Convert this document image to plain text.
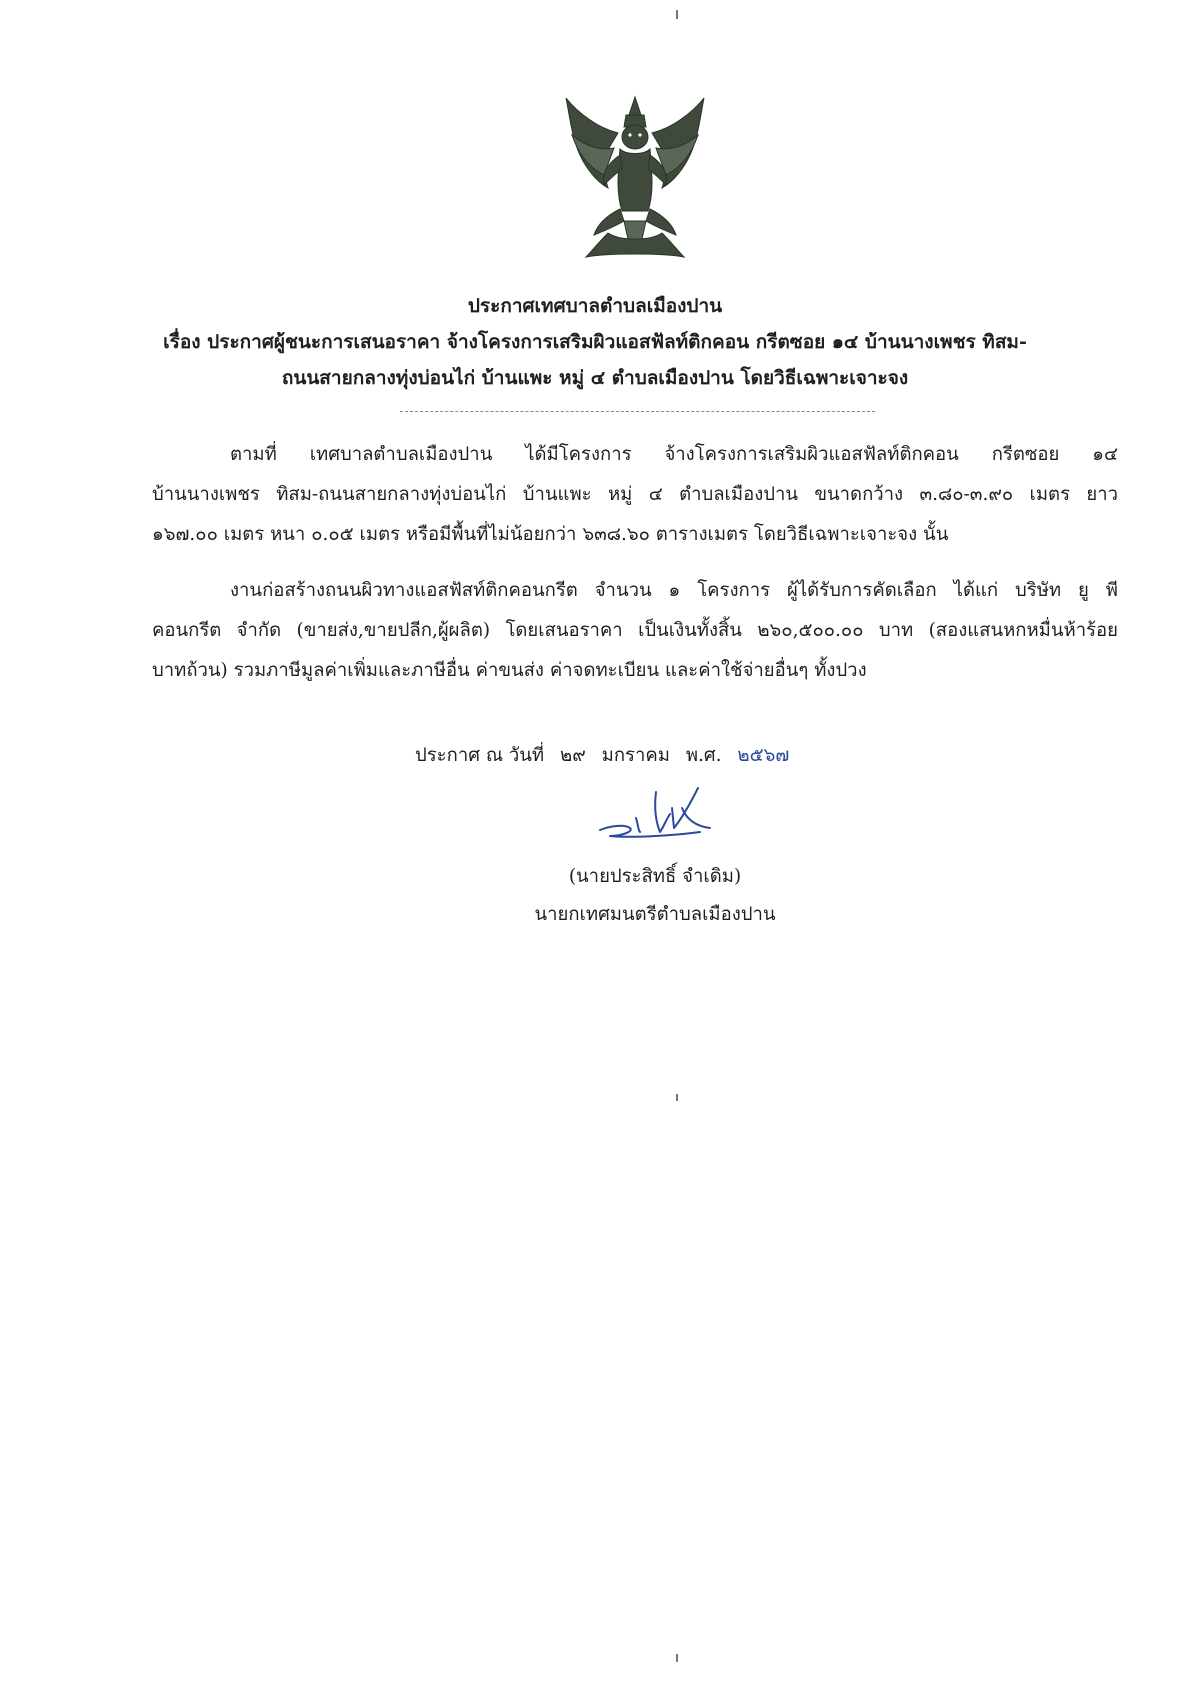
ประกาศเทศบาลตำบลเมืองปาน
เรื่อง ประกาศผู้ชนะการเสนอราคา จ้างโครงการเสริมผิวแอสฟัลท์ติกคอน กรีตซอย ๑๔ บ้านนางเพชร ทิสม-
ถนนสายกลางทุ่งบ่อนไก่ บ้านแพะ หมู่ ๔ ตำบลเมืองปาน โดยวิธีเฉพาะเจาะจง
ตามที่ เทศบาลตำบลเมืองปาน ได้มีโครงการ จ้างโครงการเสริมผิวแอสฟัลท์ติกคอน กรีตซอย ๑๔
บ้านนางเพชร ทิสม-ถนนสายกลางทุ่งบ่อนไก่ บ้านแพะ หมู่ ๔ ตำบลเมืองปาน ขนาดกว้าง ๓.๘๐-๓.๙๐ เมตร ยาว
๑๖๗.๐๐ เมตร หนา ๐.๐๕ เมตร หรือมีพื้นที่ไม่น้อยกว่า ๖๓๘.๖๐ ตารางเมตร โดยวิธีเฉพาะเจาะจง นั้น
งานก่อสร้างถนนผิวทางแอสฟัสท์ติกคอนกรีต จำนวน ๑ โครงการ ผู้ได้รับการคัดเลือก ได้แก่ บริษัท ยู พี
คอนกรีต จำกัด (ขายส่ง,ขายปลีก,ผู้ผลิต) โดยเสนอราคา เป็นเงินทั้งสิ้น ๒๖๐,๕๐๐.๐๐ บาท (สองแสนหกหมื่นห้าร้อย
บาทถ้วน) รวมภาษีมูลค่าเพิ่มและภาษีอื่น ค่าขนส่ง ค่าจดทะเบียน และค่าใช้จ่ายอื่นๆ ทั้งปวง
ประกาศ ณ วันที่ ๒๙ มกราคม พ.ศ. ๒๕๖๗
(นายประสิทธิ์ จำเดิม)
นายกเทศมนตรีตำบลเมืองปาน
